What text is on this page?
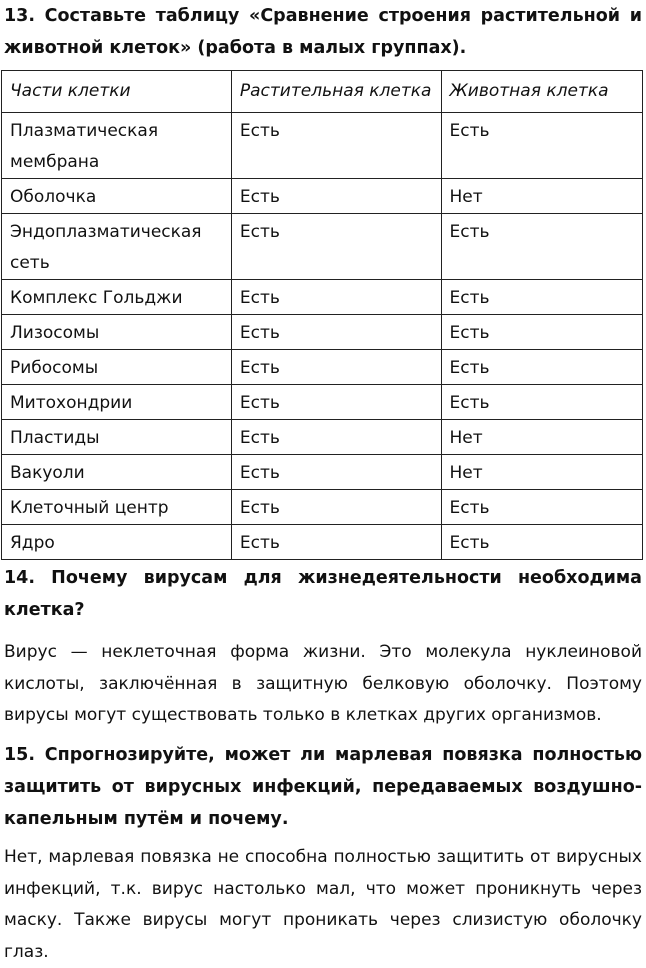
13. Составьте таблицу «Сравнение строения растительной и животной клеток» (работа в малых группах).
Части клетки	Растительная клетка	Животная клетка
Плазматическая мембрана	Есть	Есть
Оболочка	Есть	Нет
Эндоплазматическая сеть	Есть	Есть
Комплекс Гольджи	Есть	Есть
Лизосомы	Есть	Есть
Рибосомы	Есть	Есть
Митохондрии	Есть	Есть
Пластиды	Есть	Нет
Вакуоли	Есть	Нет
Клеточный центр	Есть	Есть
Ядро	Есть	Есть
14. Почему вирусам для жизнедеятельности необходима клетка?
Вирус — неклеточная форма жизни. Это молекула нуклеиновой кислоты, заключённая в защитную белковую оболочку. Поэтому вирусы могут существовать только в клетках других организмов.
15. Спрогнозируйте, может ли марлевая повязка полностью защитить от вирусных инфекций, передаваемых воздушно-капельным путём и почему.
Нет, марлевая повязка не способна полностью защитить от вирусных инфекций, т.к. вирус настолько мал, что может проникнуть через маску. Также вирусы могут проникать через слизистую оболочку глаз.
